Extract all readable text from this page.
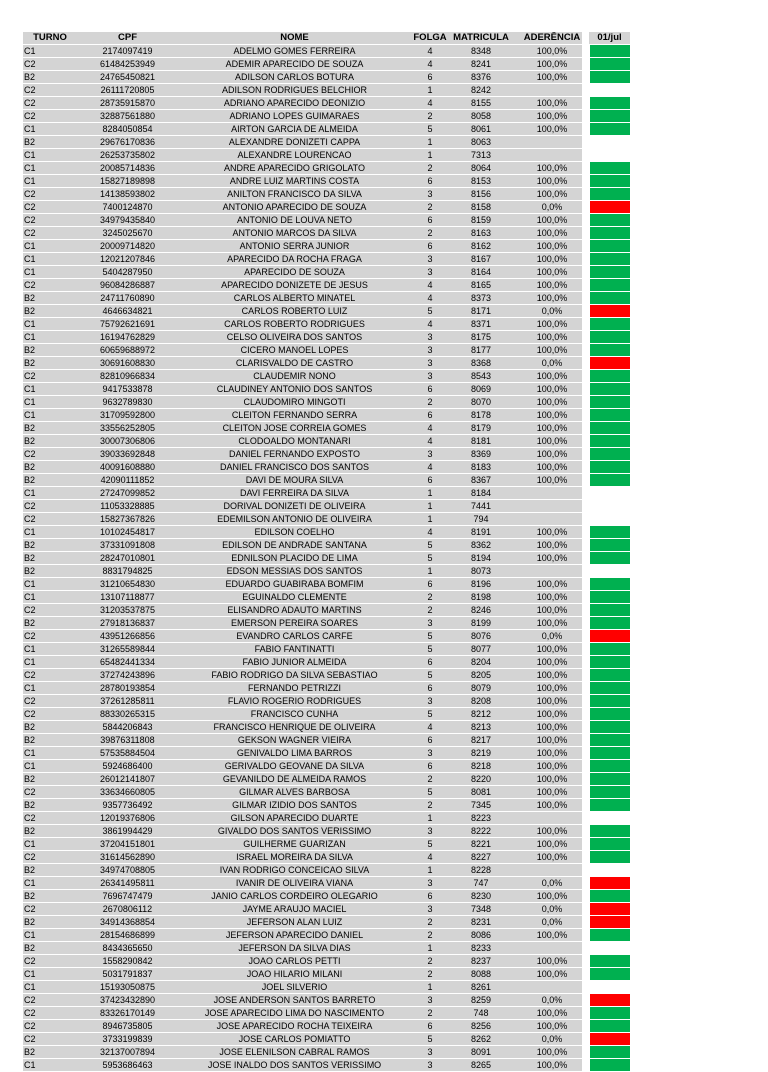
TURNO	CPF	NOME		FOLGA	MATRICULA			ADERÊNCIA		01/jul
C1	2174097419	ADELMO GOMES FERREIRA		4	8348			100,0%		
C2	61484253949	ADEMIR APARECIDO DE SOUZA		4	8241			100,0%		
B2	24765450821	ADILSON CARLOS BOTURA		6	8376			100,0%		
C2	26111720805	ADILSON RODRIGUES BELCHIOR		1	8242					
C2	28735915870	ADRIANO APARECIDO DEONIZIO		4	8155			100,0%		
C2	32887561880	ADRIANO LOPES GUIMARAES		2	8058			100,0%		
C1	8284050854	AIRTON GARCIA DE ALMEIDA		5	8061			100,0%		
B2	29676170836	ALEXANDRE DONIZETI CAPPA		1	8063					
C1	26253735802	ALEXANDRE LOURENCAO		1	7313					
C1	20085714836	ANDRE APARECIDO GRIGOLATO		2	8064			100,0%		
C1	15827189898	ANDRE LUIZ MARTINS COSTA		6	8153			100,0%		
C2	14138593802	ANILTON FRANCISCO DA SILVA		3	8156			100,0%		
C2	7400124870	ANTONIO APARECIDO DE SOUZA		2	8158			0,0%		
C2	34979435840	ANTONIO DE LOUVA NETO		6	8159			100,0%		
C2	3245025670	ANTONIO MARCOS DA SILVA		2	8163			100,0%		
C1	20009714820	ANTONIO SERRA JUNIOR		6	8162			100,0%		
C1	12021207846	APARECIDO DA ROCHA FRAGA		3	8167			100,0%		
C1	5404287950	APARECIDO DE SOUZA		3	8164			100,0%		
C2	96084286887	APARECIDO DONIZETE DE JESUS		4	8165			100,0%		
B2	24711760890	CARLOS ALBERTO MINATEL		4	8373			100,0%		
B2	4646634821	CARLOS ROBERTO LUIZ		5	8171			0,0%		
C1	75792621691	CARLOS ROBERTO RODRIGUES		4	8371			100,0%		
C1	16194762829	CELSO OLIVEIRA DOS SANTOS		3	8175			100,0%		
B2	60659688972	CICERO MANOEL LOPES		3	8177			100,0%		
B2	30691608830	CLARISVALDO DE CASTRO		3	8368			0,0%		
C2	82810966834	CLAUDEMIR NONO		3	8543			100,0%		
C1	9417533878	CLAUDINEY ANTONIO DOS SANTOS		6	8069			100,0%		
C1	9632789830	CLAUDOMIRO MINGOTI		2	8070			100,0%		
C1	31709592800	CLEITON FERNANDO SERRA		6	8178			100,0%		
B2	33556252805	CLEITON JOSE CORREIA GOMES		4	8179			100,0%		
B2	30007306806	CLODOALDO MONTANARI		4	8181			100,0%		
C2	39033692848	DANIEL FERNANDO EXPOSTO		3	8369			100,0%		
B2	40091608880	DANIEL FRANCISCO DOS SANTOS		4	8183			100,0%		
B2	42090111852	DAVI DE MOURA SILVA		6	8367			100,0%		
C1	27247099852	DAVI FERREIRA DA SILVA		1	8184					
C2	11053328885	DORIVAL DONIZETI DE OLIVEIRA		1	7441					
C2	15827367826	EDEMILSON ANTONIO DE OLIVEIRA		1	794					
C1	10102454817	EDILSON COELHO		4	8191			100,0%		
B2	37331091808	EDILSON DE ANDRADE SANTANA		5	8362			100,0%		
B2	28247010801	EDNILSON PLACIDO DE LIMA		5	8194			100,0%		
B2	8831794825	EDSON MESSIAS DOS SANTOS		1	8073					
C1	31210654830	EDUARDO GUABIRABA BOMFIM		6	8196			100,0%		
C1	13107118877	EGUINALDO CLEMENTE		2	8198			100,0%		
C2	31203537875	ELISANDRO ADAUTO MARTINS		2	8246			100,0%		
B2	27918136837	EMERSON PEREIRA SOARES		3	8199			100,0%		
C2	43951266856	EVANDRO CARLOS CARFE		5	8076			0,0%		
C1	31265589844	FABIO FANTINATTI		5	8077			100,0%		
C1	65482441334	FABIO JUNIOR ALMEIDA		6	8204			100,0%		
C2	37274243896	FABIO RODRIGO DA SILVA SEBASTIAO		5	8205			100,0%		
C1	28780193854	FERNANDO PETRIZZI		6	8079			100,0%		
C2	37261285811	FLAVIO ROGERIO RODRIGUES		3	8208			100,0%		
C2	88330265315	FRANCISCO CUNHA		5	8212			100,0%		
B2	5844206843	FRANCISCO HENRIQUE DE OLIVEIRA		4	8213			100,0%		
B2	39876311808	GEKSON WAGNER VIEIRA		6	8217			100,0%		
C1	57535884504	GENIVALDO LIMA BARROS		3	8219			100,0%		
C1	5924686400	GERIVALDO GEOVANE DA SILVA		6	8218			100,0%		
B2	26012141807	GEVANILDO DE ALMEIDA RAMOS		2	8220			100,0%		
C2	33634660805	GILMAR ALVES BARBOSA		5	8081			100,0%		
B2	9357736492	GILMAR IZIDIO DOS SANTOS		2	7345			100,0%		
C2	12019376806	GILSON APARECIDO DUARTE		1	8223					
B2	3861994429	GIVALDO DOS SANTOS VERISSIMO		3	8222			100,0%		
C1	37204151801	GUILHERME GUARIZAN		5	8221			100,0%		
C2	31614562890	ISRAEL MOREIRA DA SILVA		4	8227			100,0%		
B2	34974708805	IVAN RODRIGO CONCEICAO SILVA		1	8228					
C1	26341495811	IVANIR DE OLIVEIRA VIANA		3	747			0,0%		
B2	7696747479	JANIO CARLOS CORDEIRO OLEGARIO		6	8230			100,0%		
C2	2670806112	JAYME ARAUJO MACIEL		3	7348			0,0%		
B2	34914368854	JEFERSON ALAN LUIZ		2	8231			0,0%		
C1	28154686899	JEFERSON APARECIDO DANIEL		2	8086			100,0%		
B2	8434365650	JEFERSON DA SILVA DIAS		1	8233					
C2	1558290842	JOAO CARLOS PETTI		2	8237			100,0%		
C1	5031791837	JOAO HILARIO MILANI		2	8088			100,0%		
C1	15193050875	JOEL SILVERIO		1	8261					
C2	37423432890	JOSE ANDERSON SANTOS BARRETO		3	8259			0,0%		
C2	83326170149	JOSE APARECIDO LIMA DO NASCIMENTO		2	748			100,0%		
C2	8946735805	JOSE APARECIDO ROCHA TEIXEIRA		6	8256			100,0%		
C2	3733199839	JOSE CARLOS POMIATTO		5	8262			0,0%		
B2	32137007894	JOSE ELENILSON CABRAL RAMOS		3	8091			100,0%		
C1	5953686463	JOSE INALDO DOS SANTOS VERISSIMO		3	8265			100,0%		
